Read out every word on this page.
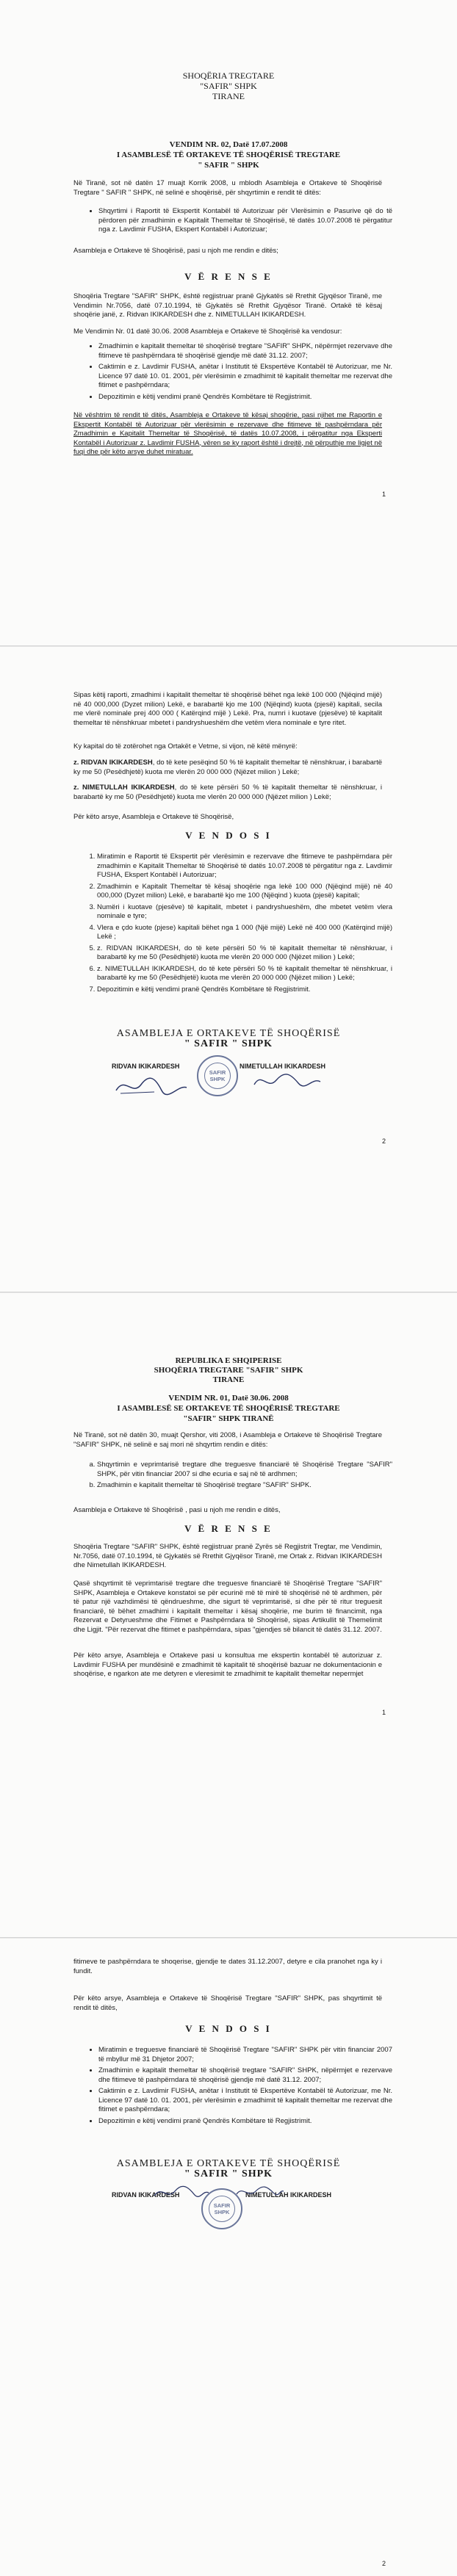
SHOQËRIA TREGTARE
"SAFIR" SHPK
TIRANE
VENDIM NR. 02, Datë 17.07.2008
I ASAMBLESË TË ORTAKEVE TË SHOQËRISË TREGTARE
" SAFIR " SHPK
Në Tiranë, sot në datën 17 muajt Korrik 2008, u mblodh Asambleja e Ortakeve të Shoqërisë Tregtare " SAFIR " SHPK, në selinë e shoqërisë, për shqyrtimin e rendit të ditës:
• Shqyrtimi i Raportit të Ekspertit Kontabël të Autorizuar për Vlerësimin e Pasurive që do të përdoren për zmadhimin e Kapitalit Themeltar të Shoqërisë, të datës 10.07.2008 të përgatitur nga z. Lavdimir FUSHA, Ekspert Kontabël i Autorizuar;
Asambleja e Ortakeve të Shoqërisë, pasi u njoh me rendin e ditës;
V Ë R E N S E
Shoqëria Tregtare "SAFIR" SHPK, është regjistruar pranë Gjykatës së Rrethit Gjyqësor Tiranë, me Vendimin Nr.7056, datë 07.10.1994, të Gjykatës së Rrethit Gjyqësor Tiranë. Ortakë të kësaj shoqërie janë, z. Ridvan IKIKARDESH dhe z. NIMETULLAH IKIKARDESH.
Me Vendimin Nr. 01 datë 30.06. 2008 Asambleja e Ortakeve të Shoqërisë ka vendosur:
• Zmadhimin e kapitalit themeltar të shoqërisë tregtare "SAFIR" SHPK, nëpërmjet rezervave dhe fitimeve të pashpërndara të shoqërisë gjendje më datë 31.12. 2007;
• Caktimin e z. Lavdimir FUSHA, anëtar i Institutit të Ekspertëve Kontabël të Autorizuar, me Nr. Licence 97 datë 10. 01. 2001, për vlerësimin e zmadhimit të kapitalit themeltar me rezervat dhe fitimet e pashpërndara;
• Depozitimin e këtij vendimi pranë Qendrës Kombëtare të Regjistrimit.
Në vështrim të rendit të ditës, Asambleja e Ortakeve të kësaj shoqërie, pasi njihet me Raportin e Ekspertit Kontabël të Autorizuar për vlerësimin e rezervave dhe fitimeve të pashpërndara për Zmadhimin e Kapitalit Themeltar të Shoqërisë, të datës 10.07.2008, i përgatitur nga Eksperti Kontabël i Autorizuar z. Lavdimir FUSHA, vëren se ky raport është i drejtë, në përputhje me ligjet në fuqi dhe për këto arsye duhet miratuar.
1
Sipas këtij raporti, zmadhimi i kapitalit themeltar të shoqërisë bëhet nga lekë 100 000 (Njëqind mijë) në 40 000,000 (Dyzet milion) Lekë, e barabartë kjo me 100 (Njëqind) kuota (pjesë) kapitali, secila me vlerë nominale prej 400 000 ( Katërqind mijë ) Lekë. Pra, numri i kuotave (pjesëve) të kapitalit themeltar të nënshkruar mbetet i pandryshueshëm dhe vetëm vlera nominale e tyre ritet.
Ky kapital do të zotërohet nga Ortakët e Vetme, si vijon, në këtë mënyrë:
z. RIDVAN IKIKARDESH, do të kete pesëqind 50 % të kapitalit themeltar të nënshkruar, i barabartë ky me 50 (Pesëdhjetë) kuota me vlerën 20 000 000 (Njëzet milion ) Lekë;
z. NIMETULLAH IKIKARDESH, do të kete përsëri 50 % të kapitalit themeltar të nënshkruar, i barabartë ky me 50 (Pesëdhjetë) kuota me vlerën 20 000 000 (Njëzet milion ) Lekë;
Për këto arsye, Asambleja e Ortakeve të Shoqërisë,
V E N D O S I
1. Miratimin e Raportit të Ekspertit për vlerësimin e rezervave dhe fitimeve te pashpërndara për zmadhimin e Kapitalit Themeltar të Shoqërisë të datës 10.07.2008 të përgatitur nga z. Lavdimir FUSHA, Ekspert Kontabël i Autorizuar;
2. Zmadhimin e Kapitalit Themeltar të kësaj shoqërie nga lekë 100 000 (Njëqind mijë) në 40 000,000 (Dyzet milion) Lekë, e barabartë kjo me 100 (Njëqind ) kuota (pjesë) kapitali;
3. Numëri i kuotave (pjesëve) të kapitalit, mbetet i pandryshueshëm, dhe mbetet vetëm vlera nominale e tyre;
4. Vlera e çdo kuote (pjese) kapitali bëhet nga 1 000 (Një mijë) Lekë në 400 000 (Katërqind mijë) Lekë ;
5. z. RIDVAN IKIKARDESH, do të kete përsëri 50 % të kapitalit themeltar të nënshkruar, i barabartë ky me 50 (Pesëdhjetë) kuota me vlerën 20 000 000 (Njëzet milion ) Lekë;
6. z. NIMETULLAH IKIKARDESH, do të kete përsëri 50 % të kapitalit themeltar të nënshkruar, i barabartë ky me 50 (Pesëdhjetë) kuota me vlerën 20 000 000 (Njëzet milion ) Lekë;
7. Depozitimin e këtij vendimi pranë Qendrës Kombëtare të Regjistrimit.
ASAMBLEJA E ORTAKEVE TË SHOQËRISË
" SAFIR " SHPK
RIDVAN IKIKARDESH	NIMETULLAH IKIKARDESH
SAFIR SHPK
2
REPUBLIKA E SHQIPERISE
SHOQËRIA TREGTARE "SAFIR" SHPK
TIRANE
VENDIM NR. 01, Datë 30.06. 2008
I ASAMBLESË SE ORTAKEVE TË SHOQËRISË TREGTARE
"SAFIR" SHPK TIRANË
Në Tiranë, sot në datën 30, muajt Qershor, viti 2008, i Asambleja e Ortakeve të Shoqërisë Tregtare "SAFIR" SHPK, në selinë e saj mori në shqyrtim rendin e ditës:
a. Shqyrtimin e veprimtarisë tregtare dhe treguesve financiarë të Shoqërisë Tregtare "SAFIR" SHPK, për vitin financiar 2007 si dhe ecuria e saj në të ardhmen;
b. Zmadhimin e kapitalit themeltar të Shoqërisë tregtare "SAFIR" SHPK.
Asambleja e Ortakeve të Shoqërisë , pasi u njoh me rendin e ditës,
V Ë R E N S E
Shoqëria Tregtare "SAFIR" SHPK, është regjistruar pranë Zyrës së Regjistrit Tregtar, me Vendimin, Nr.7056, datë 07.10.1994, të Gjykatës së Rrethit Gjyqësor Tiranë, me Ortak z. Ridvan IKIKARDESH dhe Nimetullah IKIKARDESH.
Qasë shqyrtimit të veprimtarisë tregtare dhe treguesve financiarë të Shoqërisë Tregtare "SAFIR" SHPK, Asambleja e Ortakeve konstatoi se për ecurinë më të mirë të shoqërisë në të ardhmen, për të patur një vazhdimësi të qëndrueshme, dhe sigurt të veprimtarisë, si dhe për të ritur treguesit financiarë, të bëhet zmadhimi i kapitalit themeltar i kësaj shoqërie, me burim të financimit, nga Rezervat e Detyrueshme dhe Fitimet e Pashpërndara të Shoqërisë, sipas Artikullit të Themelimit dhe Ligjit. "Për rezervat dhe fitimet e pashpërndara, sipas "gjendjes së bilancit të datës 31.12. 2007.
Për këto arsye, Asambleja e Ortakeve pasi u konsultua me ekspertin kontabël të autorizuar z. Lavdimir FUSHA per mundësinë e zmadhimit të kapitalit të shoqërisë bazuar ne dokumentacionin e shoqërise, e ngarkon ate me detyren e vleresimit te zmadhimit te kapitalit themeltar nepermjet
1
fitimeve te pashpërndara te shoqerise, gjendje te dates 31.12.2007, detyre e cila pranohet nga ky i fundit.
Për këto arsye, Asambleja e Ortakeve të Shoqërisë Tregtare "SAFIR" SHPK, pas shqyrtimit të rendit të ditës,
V E N D O S I
• Miratimin e treguesve financiarë të Shoqërisë Tregtare "SAFIR" SHPK për vitin financiar 2007 të mbyllur më 31 Dhjetor 2007;
• Zmadhimin e kapitalit themeltar të shoqërisë tregtare "SAFIR" SHPK, nëpërmjet e rezervave dhe fitimeve të pashpërndara të shoqërisë gjendje më datë 31.12. 2007;
• Caktimin e z. Lavdimir FUSHA, anëtar i Institutit të Ekspertëve Kontabël të Autorizuar, me Nr. Licence 97 datë 10. 01. 2001, për vlerësimin e zmadhimit të kapitalit themeltar me rezervat dhe fitimet e pashpërndara;
• Depozitimin e këtij vendimi pranë Qendrës Kombëtare të Regjistrimit.
ASAMBLEJA E ORTAKEVE TË SHOQËRISË
" SAFIR " SHPK
RIDVAN IKIKARDESH	NIMETULLAH IKIKARDESH
SAFIR SHPK
2
